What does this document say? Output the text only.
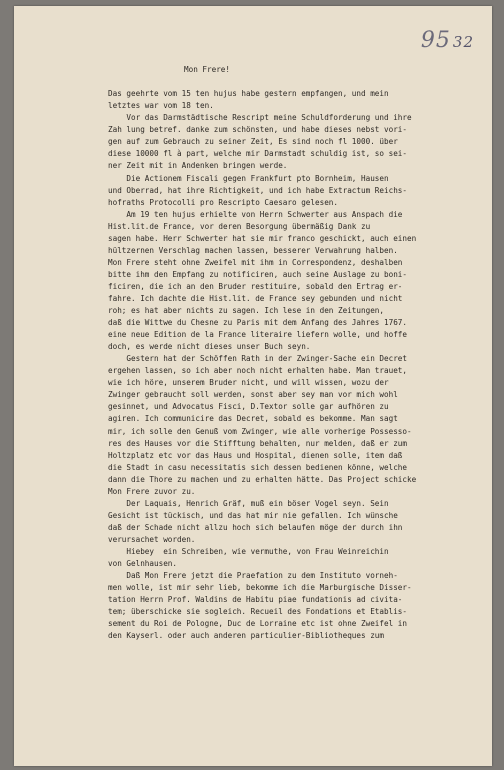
95 32

Mon Frere!

Das geehrte vom 15 ten hujus habe gestern empfangen, und mein
letztes war vom 18 ten.
Vor das Darmstädtische Rescript meine Schuldforderung und ihre
Zah lung betref. danke zum schönsten, und habe dieses nebst vori-
gen auf zum Gebrauch zu seiner Zeit, Es sind noch fl 1000. über
diese 10000 fl à part, welche mir Darmstadt schuldig ist, so sei-
ner Zeit mit in Andenken bringen werde.
Die Actionem Fiscali gegen Frankfurt pto Bornheim, Hausen
und Oberrad, hat ihre Richtigkeit, und ich habe Extractum Reichs-
hofraths Protocolli pro Rescripto Caesaro gelesen.
Am 19 ten hujus erhielte von Herrn Schwerter aus Anspach die
Hist.lit.de France, vor deren Besorgung übermäßig Dank zu
sagen habe. Herr Schwerter hat sie mir franco geschickt, auch einen
hültzernen Verschlag machen lassen, besserer Verwahrung halben.
Mon Frere steht ohne Zweifel mit ihm in Correspondenz, deshalben
bitte ihm den Empfang zu notificiren, auch seine Auslage zu boni-
ficiren, die ich an den Bruder restituire, sobald den Ertrag er-
fahre. Ich dachte die Hist.lit. de France sey gebunden und nicht
roh; es hat aber nichts zu sagen. Ich lese in den Zeitungen,
daß die Wittwe du Chesne zu Paris mit dem Anfang des Jahres 1767.
eine neue Edition de la France literaire liefern wolle, und hoffe
doch, es werde nicht dieses unser Buch seyn.
Gestern hat der Schöffen Rath in der Zwinger-Sache ein Decret
ergehen lassen, so ich aber noch nicht erhalten habe. Man trauet,
wie ich höre, unserem Bruder nicht, und will wissen, wozu der
Zwinger gebraucht soll werden, sonst aber sey man vor mich wohl
gesinnet, und Advocatus Fisci, D.Textor solle gar aufhören zu
agiren. Ich communicire das Decret, sobald es bekomme. Man sagt
mir, ich solle den Genuß vom Zwinger, wie alle vorherige Possesso-
res des Hauses vor die Stifftung behalten, nur melden, daß er zum
Holtzplatz etc vor das Haus und Hospital, dienen solle, item daß
die Stadt in casu necessitatis sich dessen bedienen könne, welche
dann die Thore zu machen und zu erhalten hätte. Das Project schicke
Mon Frere zuvor zu.
Der Laquais, Henrich Gräf, muß ein böser Vogel seyn. Sein
Gesicht ist tückisch, und das hat mir nie gefallen. Ich wünsche
daß der Schade nicht allzu hoch sich belaufen möge der durch ihn
verursachet worden.
Hiebey  ein Schreiben, wie vermuthe, von Frau Weinreichin
von Gelnhausen.
Daß Mon Frere jetzt die Praefation zu dem Instituto vorneh-
men wolle, ist mir sehr lieb, bekomme ich die Marburgische Disser-
tation Herrn Prof. Waldins de Habitu piae fundationis ad civita-
tem; überschicke sie sogleich. Recueil des Fondations et Etablis-
sement du Roi de Pologne, Duc de Lorraine etc ist ohne Zweifel in
den Kayserl. oder auch anderen particulier-Bibliotheques zum
